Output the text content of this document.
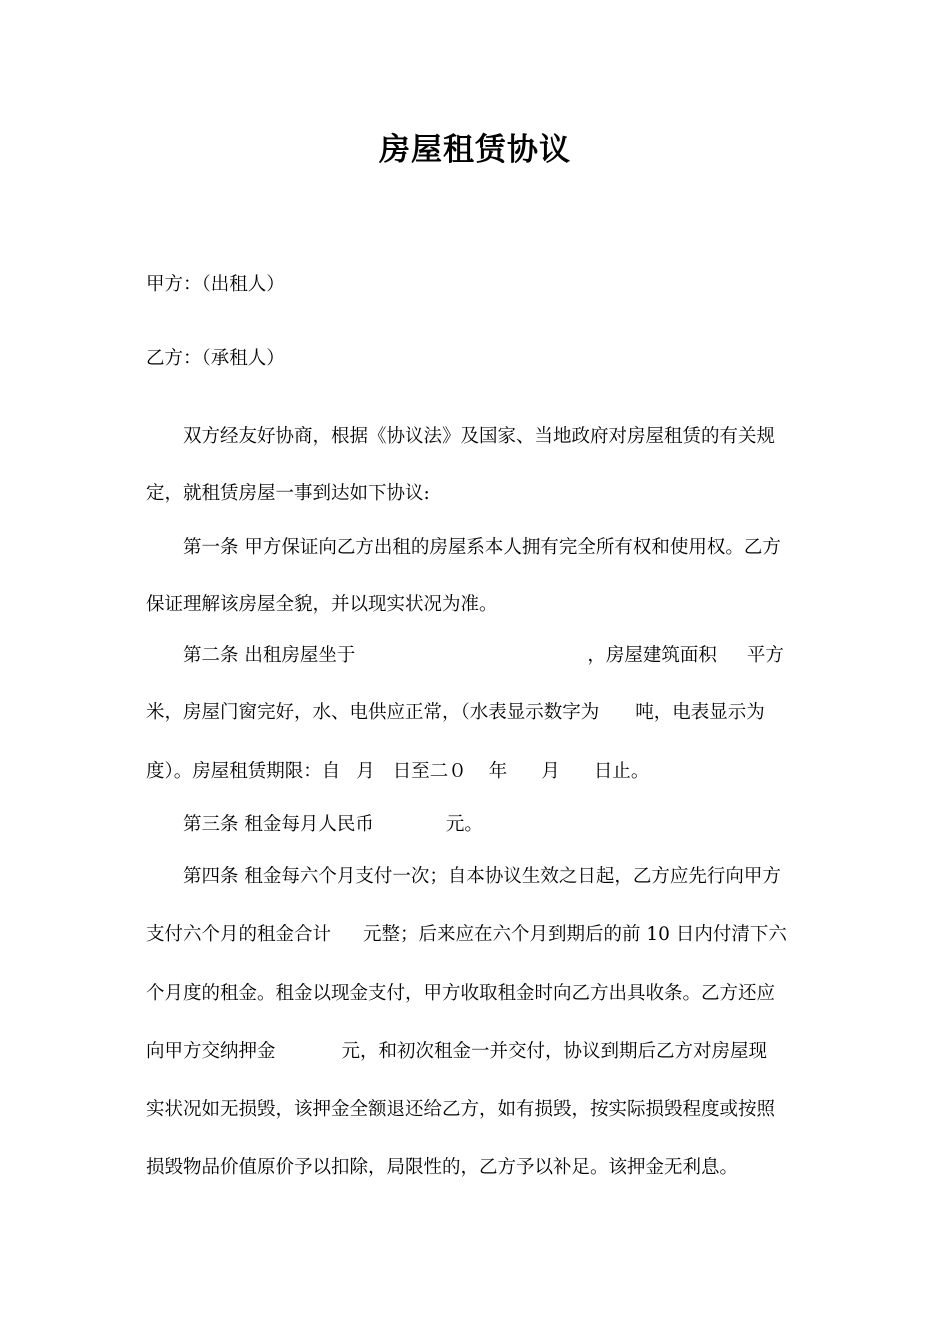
房屋租赁协议
甲方：（出租人）
乙方：（承租人）
双方经友好协商，根据《协议法》及国家、当地政府对房屋租赁的有关规
定，就租赁房屋一事到达如下协议:
第一条 甲方保证向乙方出租的房屋系本人拥有完全所有权和使用权。乙方
保证理解该房屋全貌，并以现实状况为准。
第二条 出租房屋坐于	，房屋建筑面积 平方
米，房屋门窗完好，水、电供应正常，（水表显示数字为 吨，电表显示为
度）。房屋租赁期限：自 月 日至二０ 年 月 日止。
第三条 租金每月人民币	元。
第四条 租金每六个月支付一次；自本协议生效之日起，乙方应先行向甲方
支付六个月的租金合计 元整；后来应在六个月到期后的前 10 日内付清下六
个月度的租金。租金以现金支付，甲方收取租金时向乙方出具收条。乙方还应
向甲方交纳押金	元，和初次租金一并交付，协议到期后乙方对房屋现
实状况如无损毁，该押金全额退还给乙方，如有损毁，按实际损毁程度或按照
损毁物品价值原价予以扣除，局限性的，乙方予以补足。该押金无利息。
